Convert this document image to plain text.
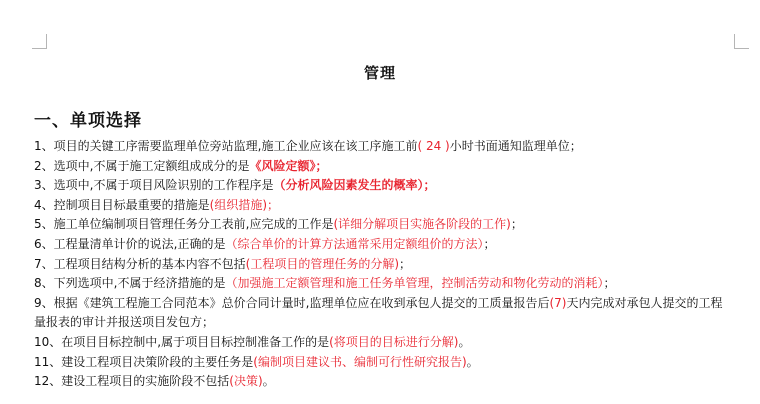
管理
一、单项选择
1、项目的关键工序需要监理单位旁站监理,施工企业应该在该工序施工前( 24 )小时书面通知监理单位；
2、选项中,不属于施工定额组成成分的是《风险定额》；
3、选项中,不属于项目风险识别的工作程序是（分析风险因素发生的概率）；
4、控制项目目标最重要的措施是(组织措施)；
5、施工单位编制项目管理任务分工表前,应完成的工作是(详细分解项目实施各阶段的工作)；
6、工程量清单计价的说法,正确的是（综合单价的计算方法通常采用定额组价的方法）；
7、工程项目结构分析的基本内容不包括(工程项目的管理任务的分解)；
8、下列选项中,不属于经济措施的是（加强施工定额管理和施工任务单管理，控制活劳动和物化劳动的消耗）；
9、根据《建筑工程施工合同范本》总价合同计量时,监理单位应在收到承包人提交的工质量报告后(7)天内完成对承包人提交的工程量报表的审计并报送项目发包方；
10、在项目目标控制中,属于项目目标控制准备工作的是(将项目的目标进行分解)。
11、建设工程项目决策阶段的主要任务是(编制项目建议书、编制可行性研究报告)。
12、建设工程项目的实施阶段不包括(决策)。
